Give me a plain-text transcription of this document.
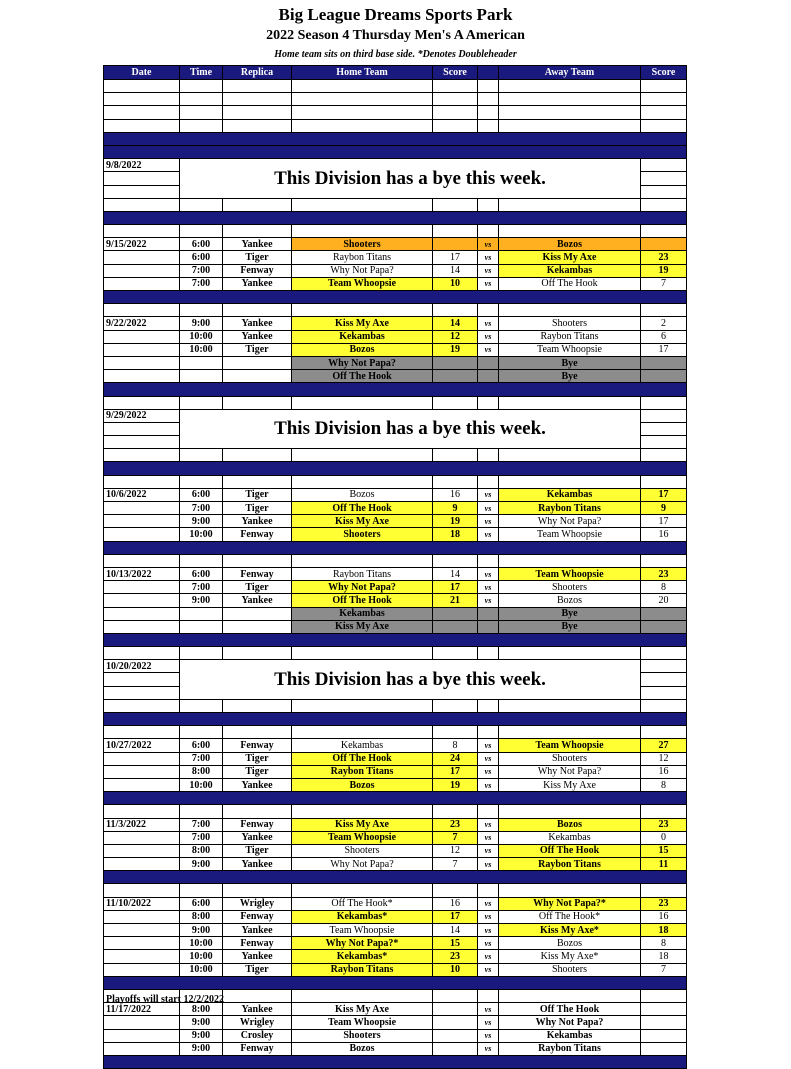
Big League Dreams Sports Park
2022 Season 4 Thursday Men's A American
Home team sits on third base side. *Denotes Doubleheader
Date	Time	Replica	Home Team	Score		Away Team	Score

9/8/2022	This Division has a bye this week.						

9/15/2022	6:00	Yankee	Shooters		vs	Bozos	
	6:00	Tiger	Raybon Titans	17	vs	Kiss My Axe	23
	7:00	Fenway	Why Not Papa?	14	vs	Kekambas	19
	7:00	Yankee	Team Whoopsie	10	vs	Off The Hook	7

9/22/2022	9:00	Yankee	Kiss My Axe	14	vs	Shooters	2
	10:00	Yankee	Kekambas	12	vs	Raybon Titans	6
	10:00	Tiger	Bozos	19	vs	Team Whoopsie	17
			Why Not Papa?			Bye	
			Off The Hook			Bye	

9/29/2022	This Division has a bye this week.						

10/6/2022	6:00	Tiger	Bozos	16	vs	Kekambas	17
	7:00	Tiger	Off The Hook	9	vs	Raybon Titans	9
	9:00	Yankee	Kiss My Axe	19	vs	Why Not Papa?	17
	10:00	Fenway	Shooters	18	vs	Team Whoopsie	16

10/13/2022	6:00	Fenway	Raybon Titans	14	vs	Team Whoopsie	23
	7:00	Tiger	Why Not Papa?	17	vs	Shooters	8
	9:00	Yankee	Off The Hook	21	vs	Bozos	20
			Kekambas			Bye	
			Kiss My Axe			Bye	

10/20/2022	This Division has a bye this week.						

10/27/2022	6:00	Fenway	Kekambas	8	vs	Team Whoopsie	27
	7:00	Tiger	Off The Hook	24	vs	Shooters	12
	8:00	Tiger	Raybon Titans	17	vs	Why Not Papa?	16
	10:00	Yankee	Bozos	19	vs	Kiss My Axe	8

11/3/2022	7:00	Fenway	Kiss My Axe	23	vs	Bozos	23
	7:00	Yankee	Team Whoopsie	7	vs	Kekambas	0
	8:00	Tiger	Shooters	12	vs	Off The Hook	15
	9:00	Yankee	Why Not Papa?	7	vs	Raybon Titans	11

11/10/2022	6:00	Wrigley	Off The Hook*	16	vs	Why Not Papa?*	23
	8:00	Fenway	Kekambas*	17	vs	Off The Hook*	16
	9:00	Yankee	Team Whoopsie	14	vs	Kiss My Axe*	18
	10:00	Fenway	Why Not Papa?*	15	vs	Bozos	8
	10:00	Yankee	Kekambas*	23	vs	Kiss My Axe*	18
	10:00	Tiger	Raybon Titans	10	vs	Shooters	7

11/17/2022	8:00	Yankee	Kiss My Axe		vs	Off The Hook	
	9:00	Wrigley	Team Whoopsie		vs	Why Not Papa?	
	9:00	Crosley	Shooters		vs	Kekambas	
	9:00	Fenway	Bozos		vs	Raybon Titans	

Playoffs will start 12/2/2022
